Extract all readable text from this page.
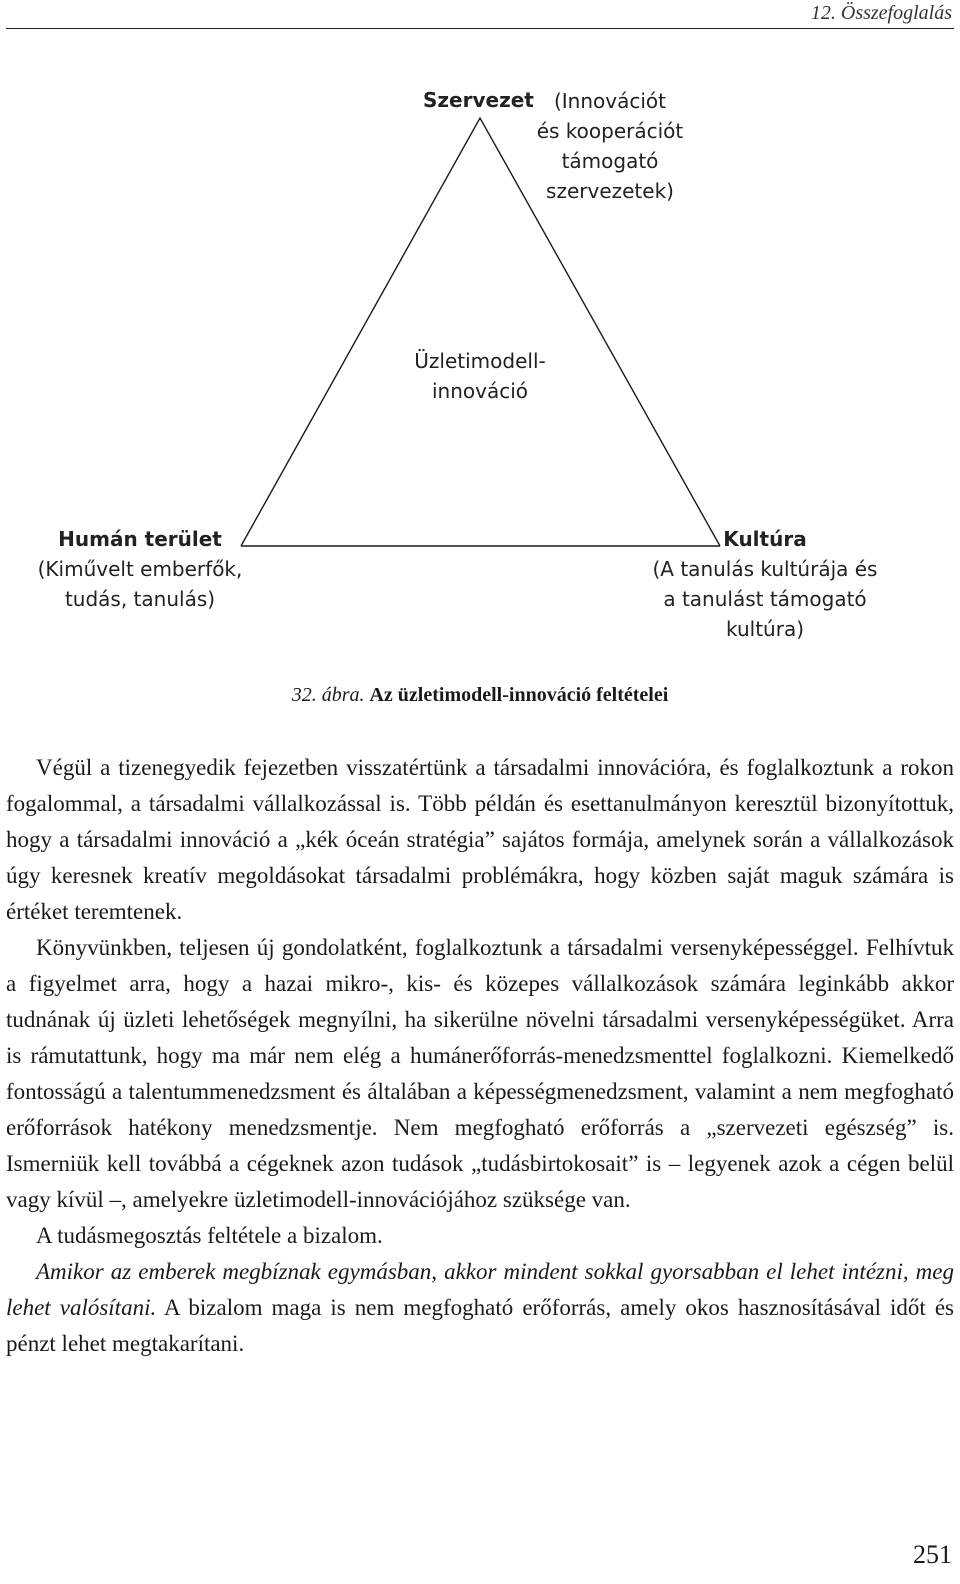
12. Összefoglalás
Szervezet	(Innovációt
és kooperációt
támogató
szervezetek)
Üzletimodell-
innováció
Humán terület
(Kiművelt emberfők,
tudás, tanulás)
Kultúra
(A tanulás kultúrája és
a tanulást támogató
kultúra)
32. ábra. Az üzletimodell-innováció feltételei

Végül a tizenegyedik fejezetben visszatértünk a társadalmi innovációra, és foglalkoztunk a rokon fogalommal, a társadalmi vállalkozással is. Több példán és esettanulmányon keresztül bizonyítottuk, hogy a társadalmi innováció a „kék óceán stratégia” sajátos formája, amelynek során a vállalkozások úgy keresnek kreatív megoldásokat társadalmi problémákra, hogy közben saját maguk számára is értéket teremtenek.

Könyvünkben, teljesen új gondolatként, foglalkoztunk a társadalmi versenyképességgel. Felhívtuk a figyelmet arra, hogy a hazai mikro-, kis- és közepes vállalkozások számára leginkább akkor tudnának új üzleti lehetőségek megnyílni, ha sikerülne növelni társadalmi versenyképességüket. Arra is rámutattunk, hogy ma már nem elég a humánerőforrás-menedzsmenttel foglalkozni. Kiemelkedő fontosságú a talentummenedzsment és általában a képességmenedzsment, valamint a nem megfogható erőforrások hatékony menedzsmentje. Nem megfogható erőforrás a „szervezeti egészség” is. Ismerniük kell továbbá a cégeknek azon tudások „tudásbirtokosait” is – legyenek azok a cégen belül vagy kívül –, amelyekre üzletimodell-innovációjához szüksége van.

A tudásmegosztás feltétele a bizalom.

Amikor az emberek megbíznak egymásban, akkor mindent sokkal gyorsabban el lehet intézni, meg lehet valósítani. A bizalom maga is nem megfogható erőforrás, amely okos hasznosításával időt és pénzt lehet megtakarítani.

251
